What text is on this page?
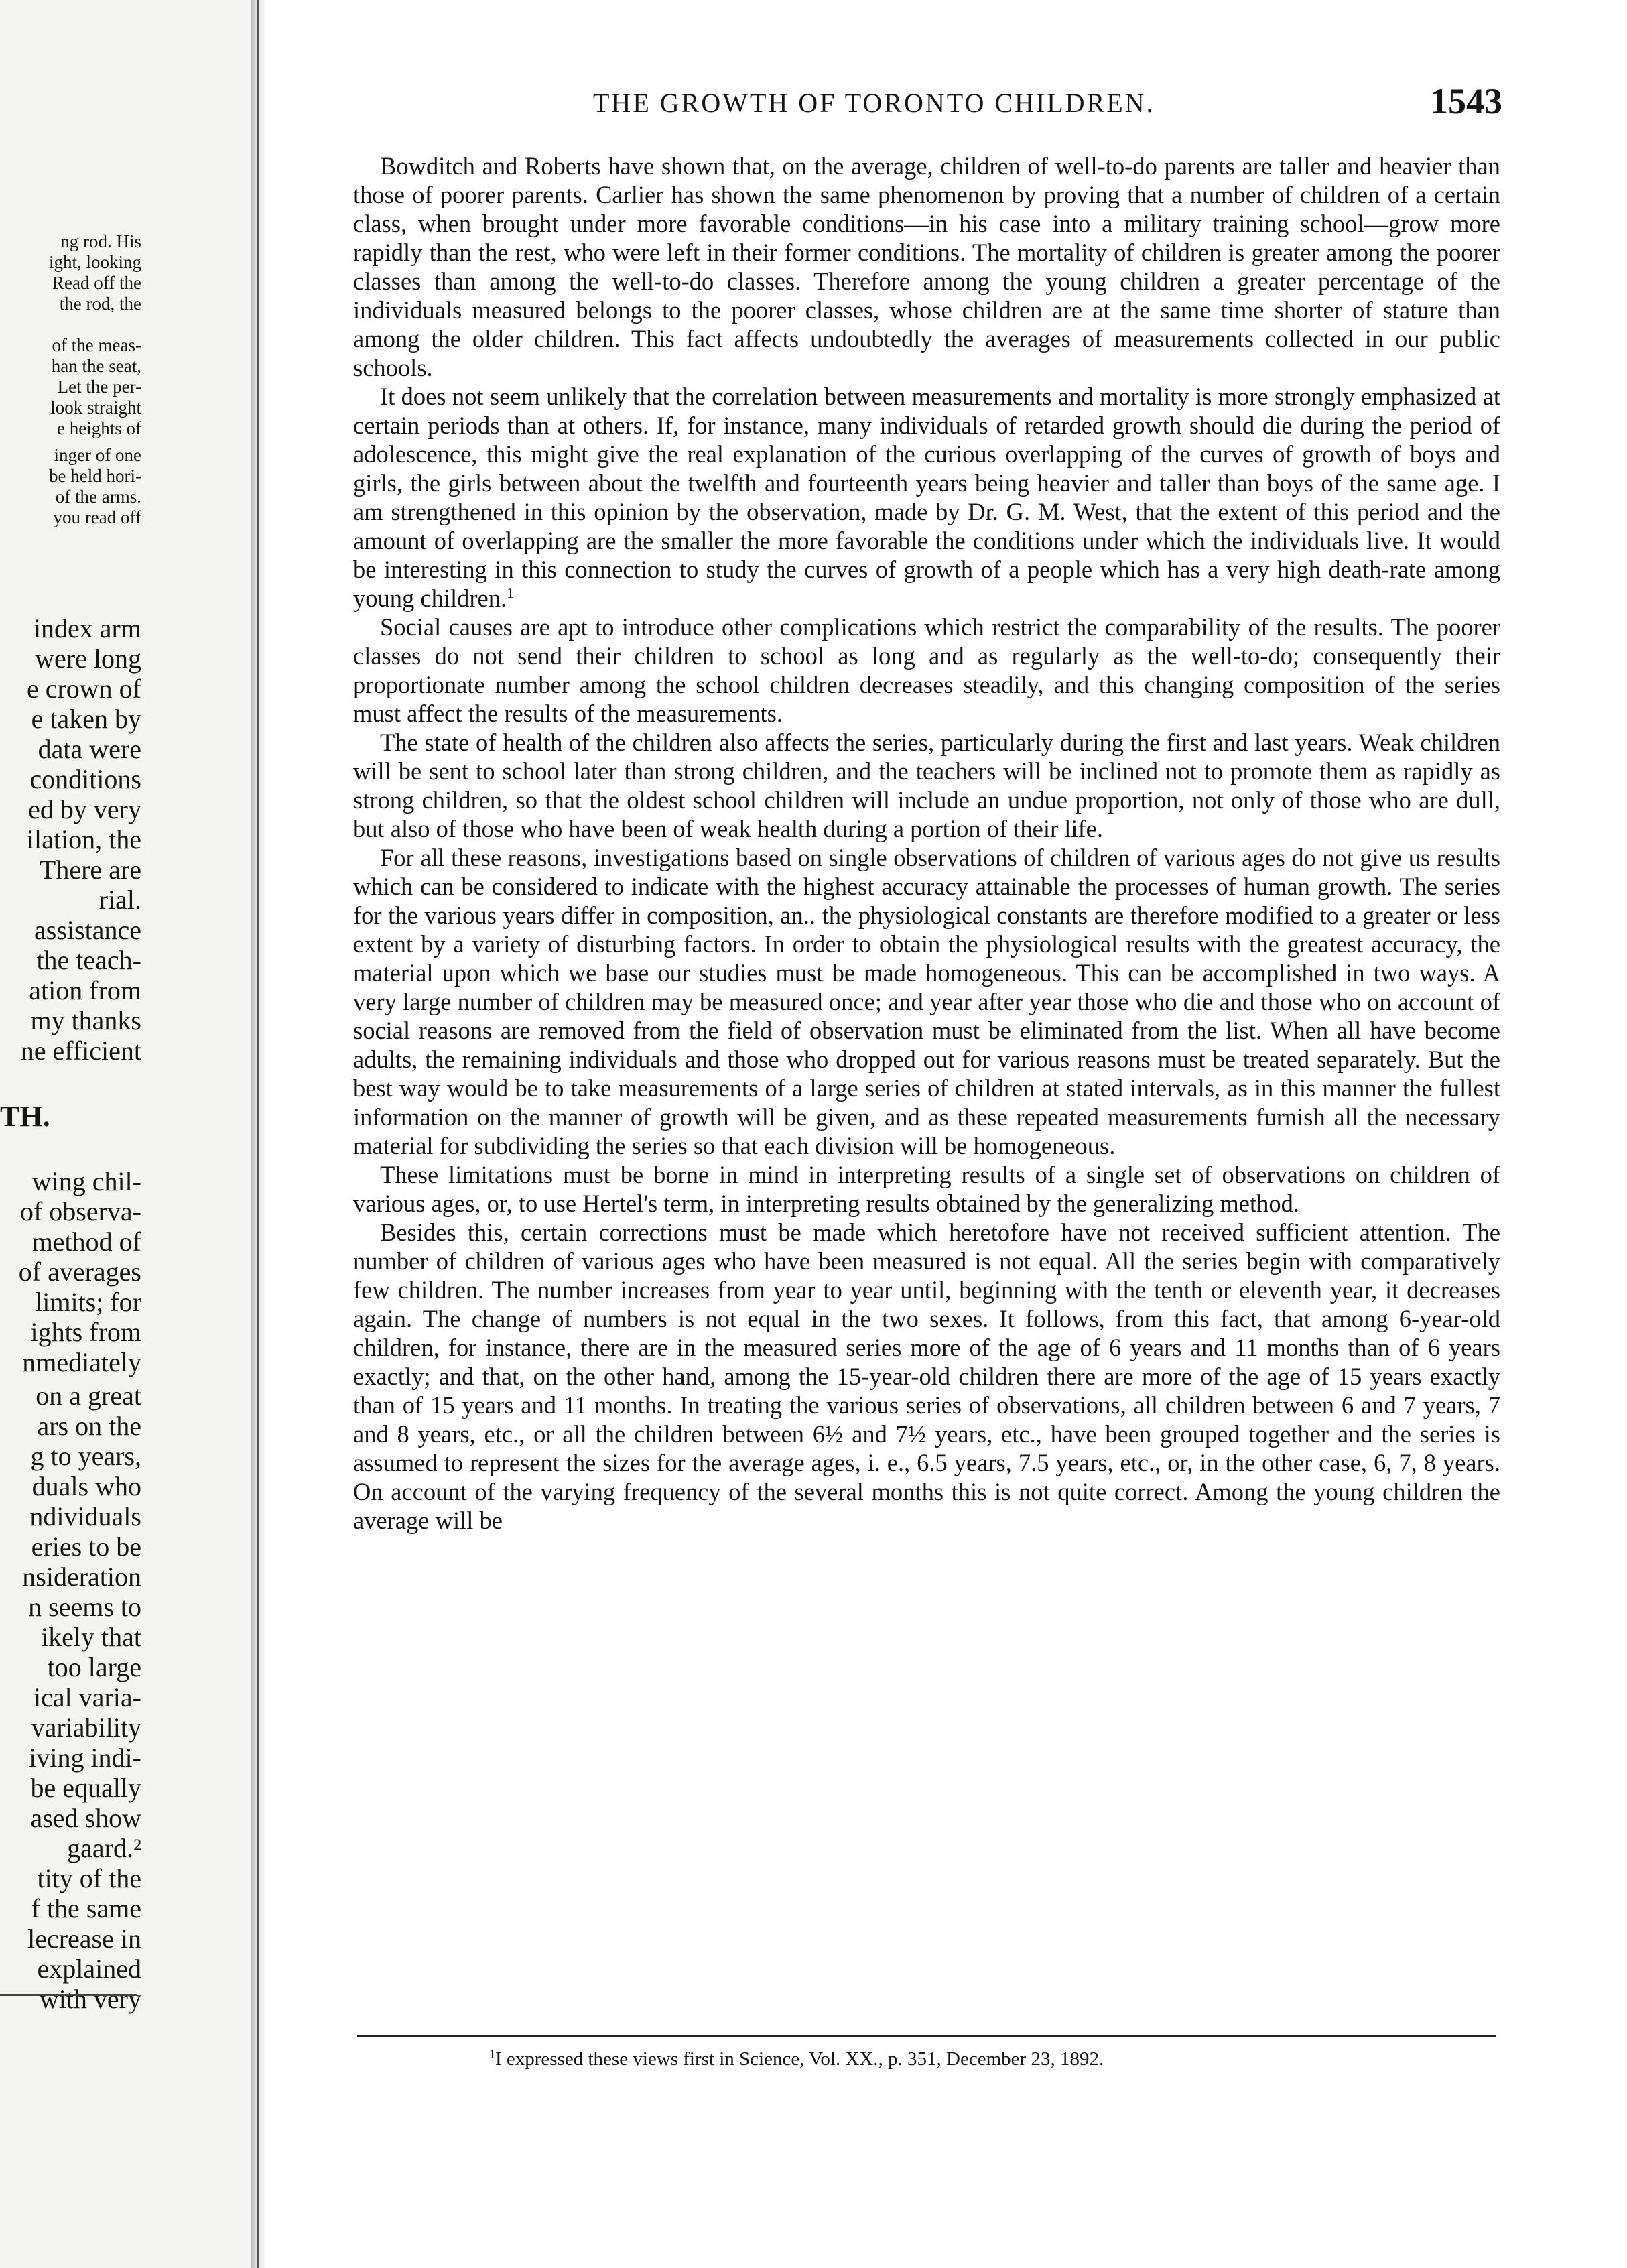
ng rod. His
ight, looking
Read off the
the rod, the
of the meas-
han the seat,
Let the per-
look straight
e heights of
inger of one
be held hori-
of the arms.
you read off
index arm
were long
e crown of
e taken by
data were
conditions
ed by very
ilation, the
There are
rial.
assistance
the teach-
ation from
my thanks
ne efficient
TH.
wing chil-
of observa-
method of
of averages
limits; for
ights from
nmediately
on a great
ars on the
g to years,
duals who
ndividuals
eries to be
nsideration
n seems to
ikely that
too large
ical varia-
variability
iving indi-
be equally
ased show
gaard.²
tity of the
f the same
lecrease in
explained
with very
THE GROWTH OF TORONTO CHILDREN.	1543

Bowditch and Roberts have shown that, on the average, children of well-to-do parents are taller and heavier than those of poorer parents. Carlier has shown the same phenomenon by proving that a number of children of a certain class, when brought under more favorable conditions—in his case into a military training school—grow more rapidly than the rest, who were left in their former conditions. The mortality of children is greater among the poorer classes than among the well-to-do classes. Therefore among the young children a greater percentage of the individuals measured belongs to the poorer classes, whose children are at the same time shorter of stature than among the older children. This fact affects undoubtedly the averages of measurements collected in our public schools.

It does not seem unlikely that the correlation between measurements and mortality is more strongly emphasized at certain periods than at others. If, for instance, many individuals of retarded growth should die during the period of adolescence, this might give the real explanation of the curious overlapping of the curves of growth of boys and girls, the girls between about the twelfth and fourteenth years being heavier and taller than boys of the same age. I am strengthened in this opinion by the observation, made by Dr. G. M. West, that the extent of this period and the amount of overlapping are the smaller the more favorable the conditions under which the individuals live. It would be interesting in this connection to study the curves of growth of a people which has a very high death-rate among young children.$^1$

Social causes are apt to introduce other complications which restrict the comparability of the results. The poorer classes do not send their children to school as long and as regularly as the well-to-do; consequently their proportionate number among the school children decreases steadily, and this changing composition of the series must affect the results of the measurements.

The state of health of the children also affects the series, particularly during the first and last years. Weak children will be sent to school later than strong children, and the teachers will be inclined not to promote them as rapidly as strong children, so that the oldest school children will include an undue proportion, not only of those who are dull, but also of those who have been of weak health during a portion of their life.

For all these reasons, investigations based on single observations of children of various ages do not give us results which can be considered to indicate with the highest accuracy attainable the processes of human growth. The series for the various years differ in composition, an.. the physiological constants are therefore modified to a greater or less extent by a variety of disturbing factors. In order to obtain the physiological results with the greatest accuracy, the material upon which we base our studies must be made homogeneous. This can be accomplished in two ways. A very large number of children may be measured once; and year after year those who die and those who on account of social reasons are removed from the field of observation must be eliminated from the list. When all have become adults, the remaining individuals and those who dropped out for various reasons must be treated separately. But the best way would be to take measurements of a large series of children at stated intervals, as in this manner the fullest information on the manner of growth will be given, and as these repeated measurements furnish all the necessary material for subdividing the series so that each division will be homogeneous.

These limitations must be borne in mind in interpreting results of a single set of observations on children of various ages, or, to use Hertel's term, in interpreting results obtained by the generalizing method.

Besides this, certain corrections must be made which heretofore have not received sufficient attention. The number of children of various ages who have been measured is not equal. All the series begin with comparatively few children. The number increases from year to year until, beginning with the tenth or eleventh year, it decreases again. The change of numbers is not equal in the two sexes. It follows, from this fact, that among 6-year-old children, for instance, there are in the measured series more of the age of 6 years and 11 months than of 6 years exactly; and that, on the other hand, among the 15-year-old children there are more of the age of 15 years exactly than of 15 years and 11 months. In treating the various series of observations, all children between 6 and 7 years, 7 and 8 years, etc., or all the children between 6½ and 7½ years, etc., have been grouped together and the series is assumed to represent the sizes for the average ages, i. e., 6.5 years, 7.5 years, etc., or, in the other case, 6, 7, 8 years. On account of the varying frequency of the several months this is not quite correct. Among the young children the average will be

$^1$I expressed these views first in Science, Vol. XX., p. 351, December 23, 1892.
